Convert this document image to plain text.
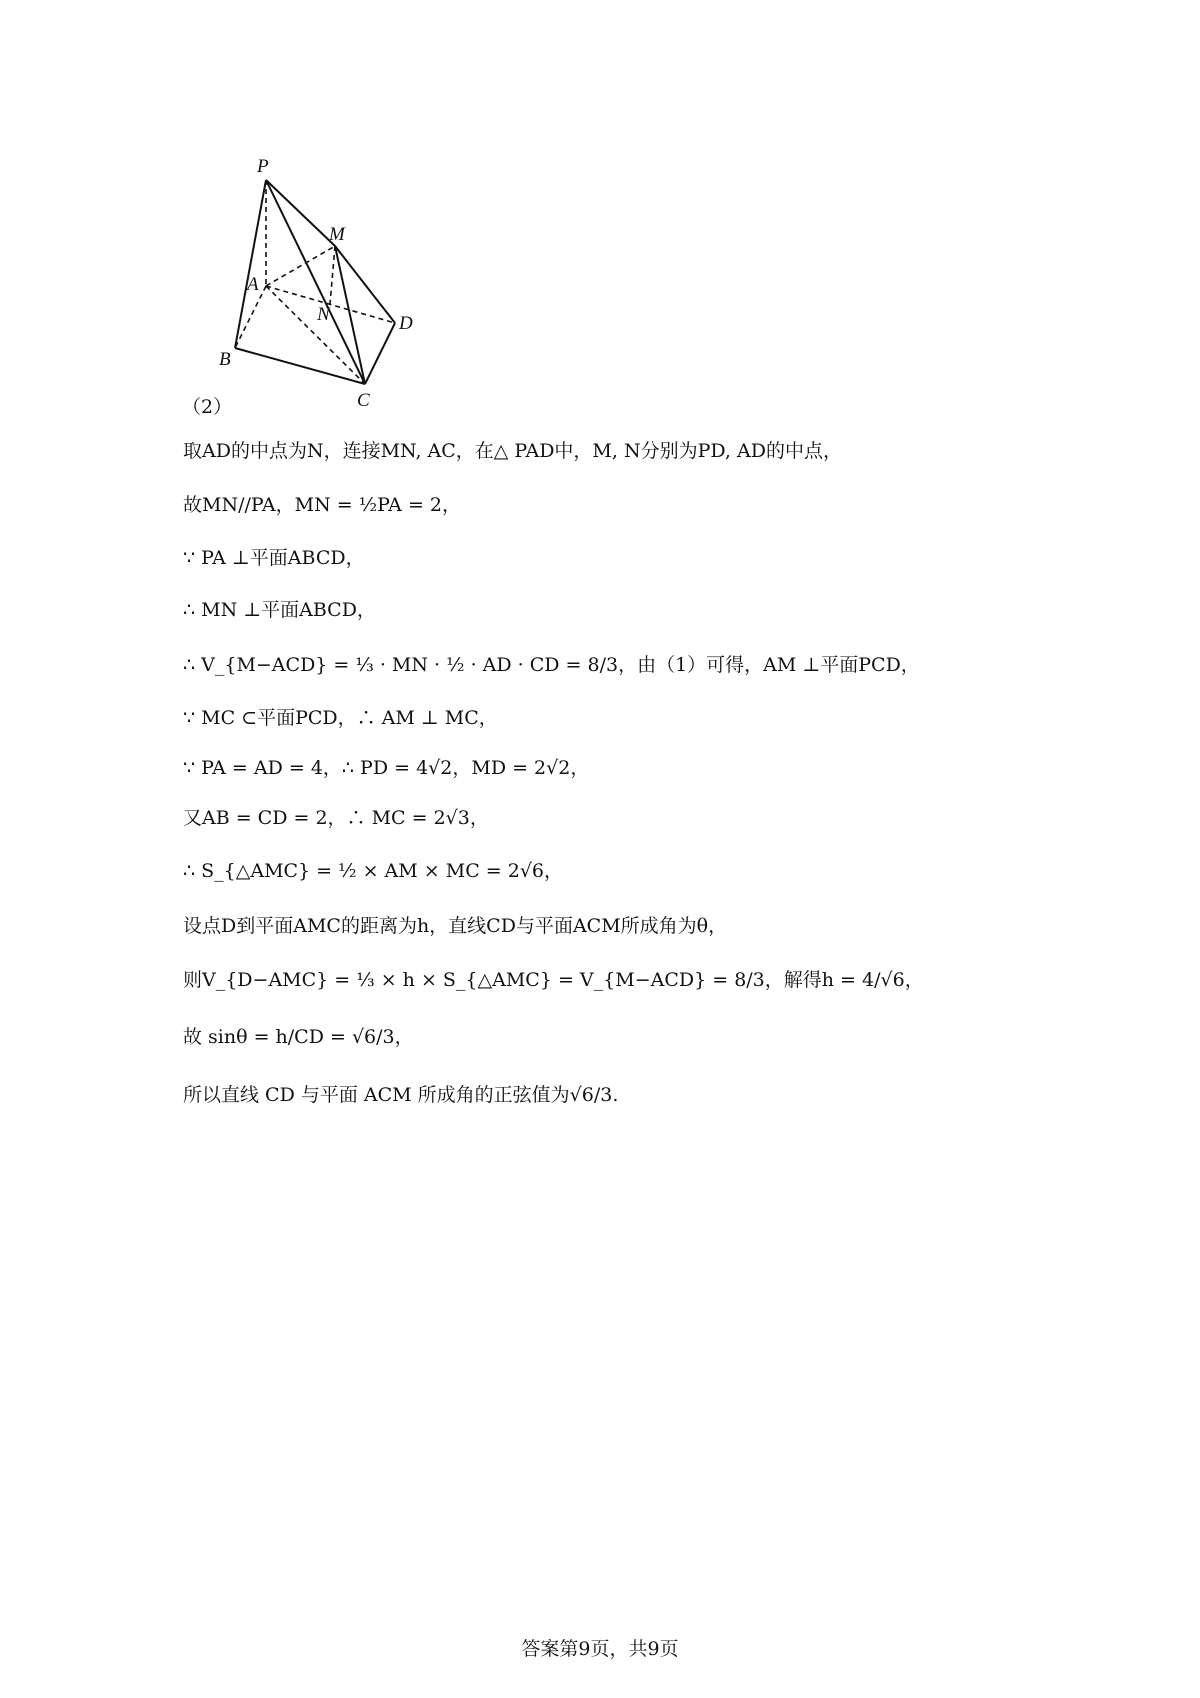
P
M
A
N	D
B
C
（2）
取AD的中点为N，连接MN, AC，在△ PAD中，M, N分别为PD, AD的中点，
故MN//PA，MN = ½PA = 2，
∵ PA ⊥平面ABCD，
∴ MN ⊥平面ABCD，
∴ V_{M−ACD} = ⅓ · MN · ½ · AD · CD = 8/3，由（1）可得，AM ⊥平面PCD，
∵ MC ⊂平面PCD，∴ AM ⊥ MC，
∵ PA = AD = 4，∴ PD = 4√2，MD = 2√2，
又AB = CD = 2，∴ MC = 2√3，
∴ S_{△AMC} = ½ × AM × MC = 2√6，
设点D到平面AMC的距离为h，直线CD与平面ACM所成角为θ，
则V_{D−AMC} = ⅓ × h × S_{△AMC} = V_{M−ACD} = 8/3，解得h = 4/√6，
故 sinθ = h/CD = √6/3，
所以直线 CD 与平面 ACM 所成角的正弦值为√6/3.
答案第9页，共9页
